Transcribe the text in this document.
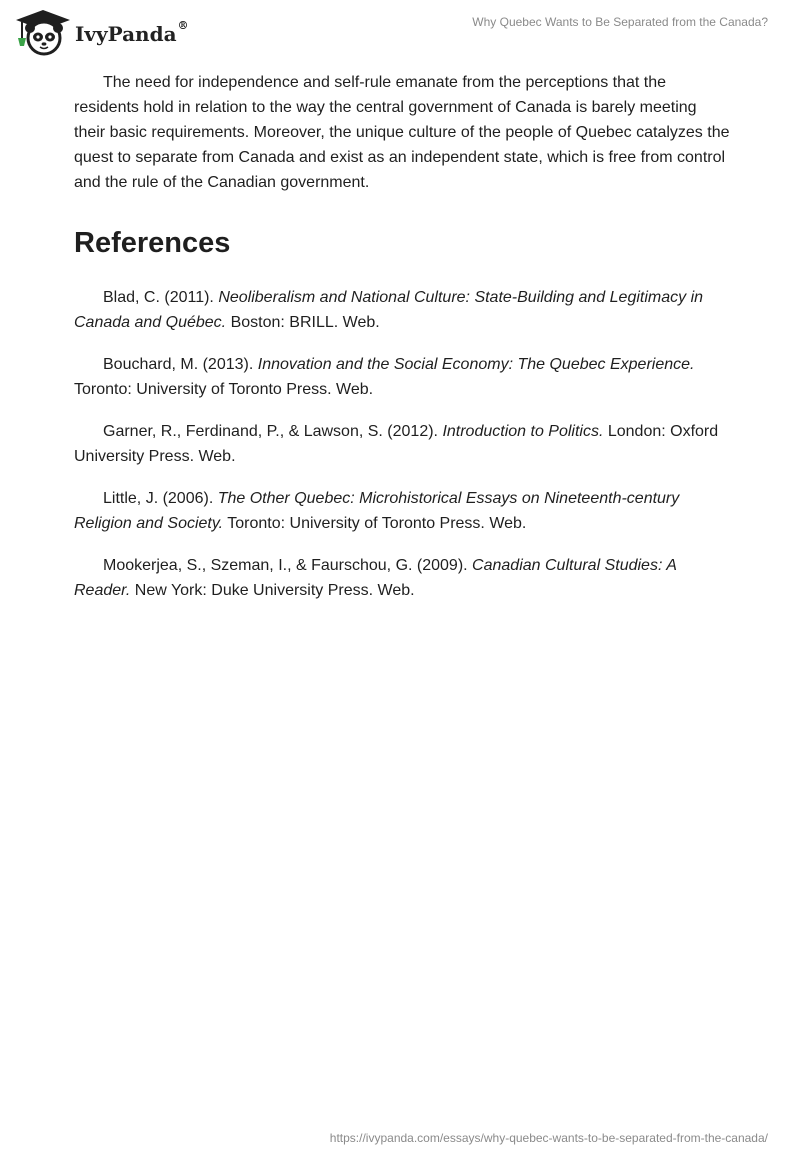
IvyPanda®	Why Quebec Wants to Be Separated from the Canada?

The need for independence and self-rule emanate from the perceptions that the residents hold in relation to the way the central government of Canada is barely meeting their basic requirements. Moreover, the unique culture of the people of Quebec catalyzes the quest to separate from Canada and exist as an independent state, which is free from control and the rule of the Canadian government.

References

Blad, C. (2011). Neoliberalism and National Culture: State-Building and Legitimacy in Canada and Québec. Boston: BRILL. Web.

Bouchard, M. (2013). Innovation and the Social Economy: The Quebec Experience. Toronto: University of Toronto Press. Web.

Garner, R., Ferdinand, P., & Lawson, S. (2012). Introduction to Politics. London: Oxford University Press. Web.

Little, J. (2006). The Other Quebec: Microhistorical Essays on Nineteenth-century Religion and Society. Toronto: University of Toronto Press. Web.

Mookerjea, S., Szeman, I., & Faurschou, G. (2009). Canadian Cultural Studies: A Reader. New York: Duke University Press. Web.

https://ivypanda.com/essays/why-quebec-wants-to-be-separated-from-the-canada/
